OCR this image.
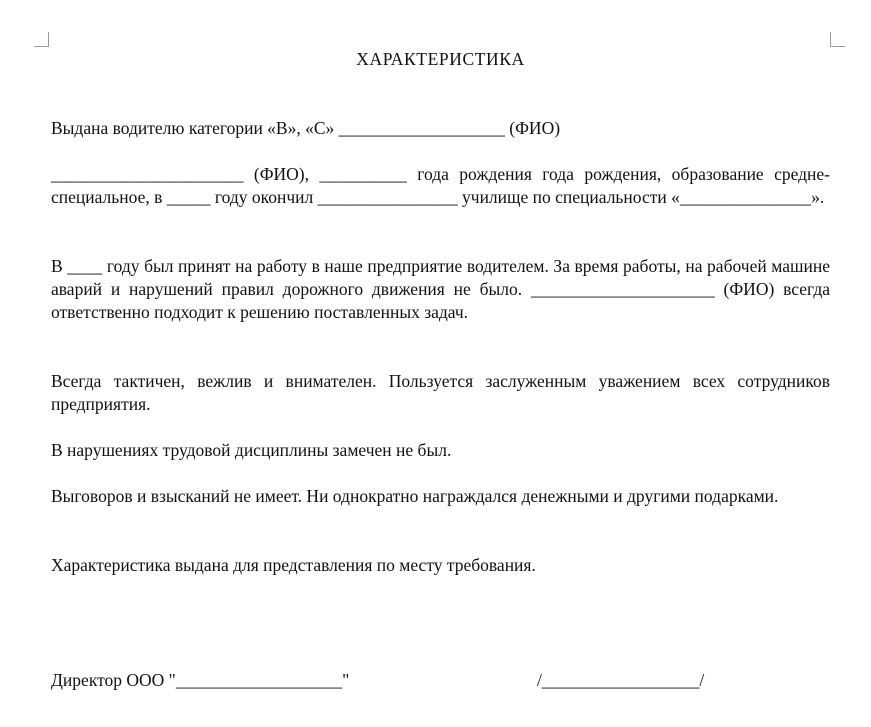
ХАРАКТЕРИСТИКА

Выдана водителю категории «В», «С» ___________________ (ФИО)

______________________ (ФИО), __________ года рождения года рождения, образование средне-специальное, в _____ году окончил ________________ училище по специальности «_______________».

В ____ году был принят на работу в наше предприятие водителем. За время работы, на рабочей машине аварий и нарушений правил дорожного движения не было. _____________________ (ФИО) всегда ответственно подходит к решению поставленных задач.

Всегда тактичен, вежлив и внимателен. Пользуется заслуженным уважением всех сотрудников предприятия.

В нарушениях трудовой дисциплины замечен не был.

Выговоров и взысканий не имеет. Ни однократно награждался денежными и другими подарками.

Характеристика выдана для представления по месту требования.

Директор ООО "___________________"	/__________________/
